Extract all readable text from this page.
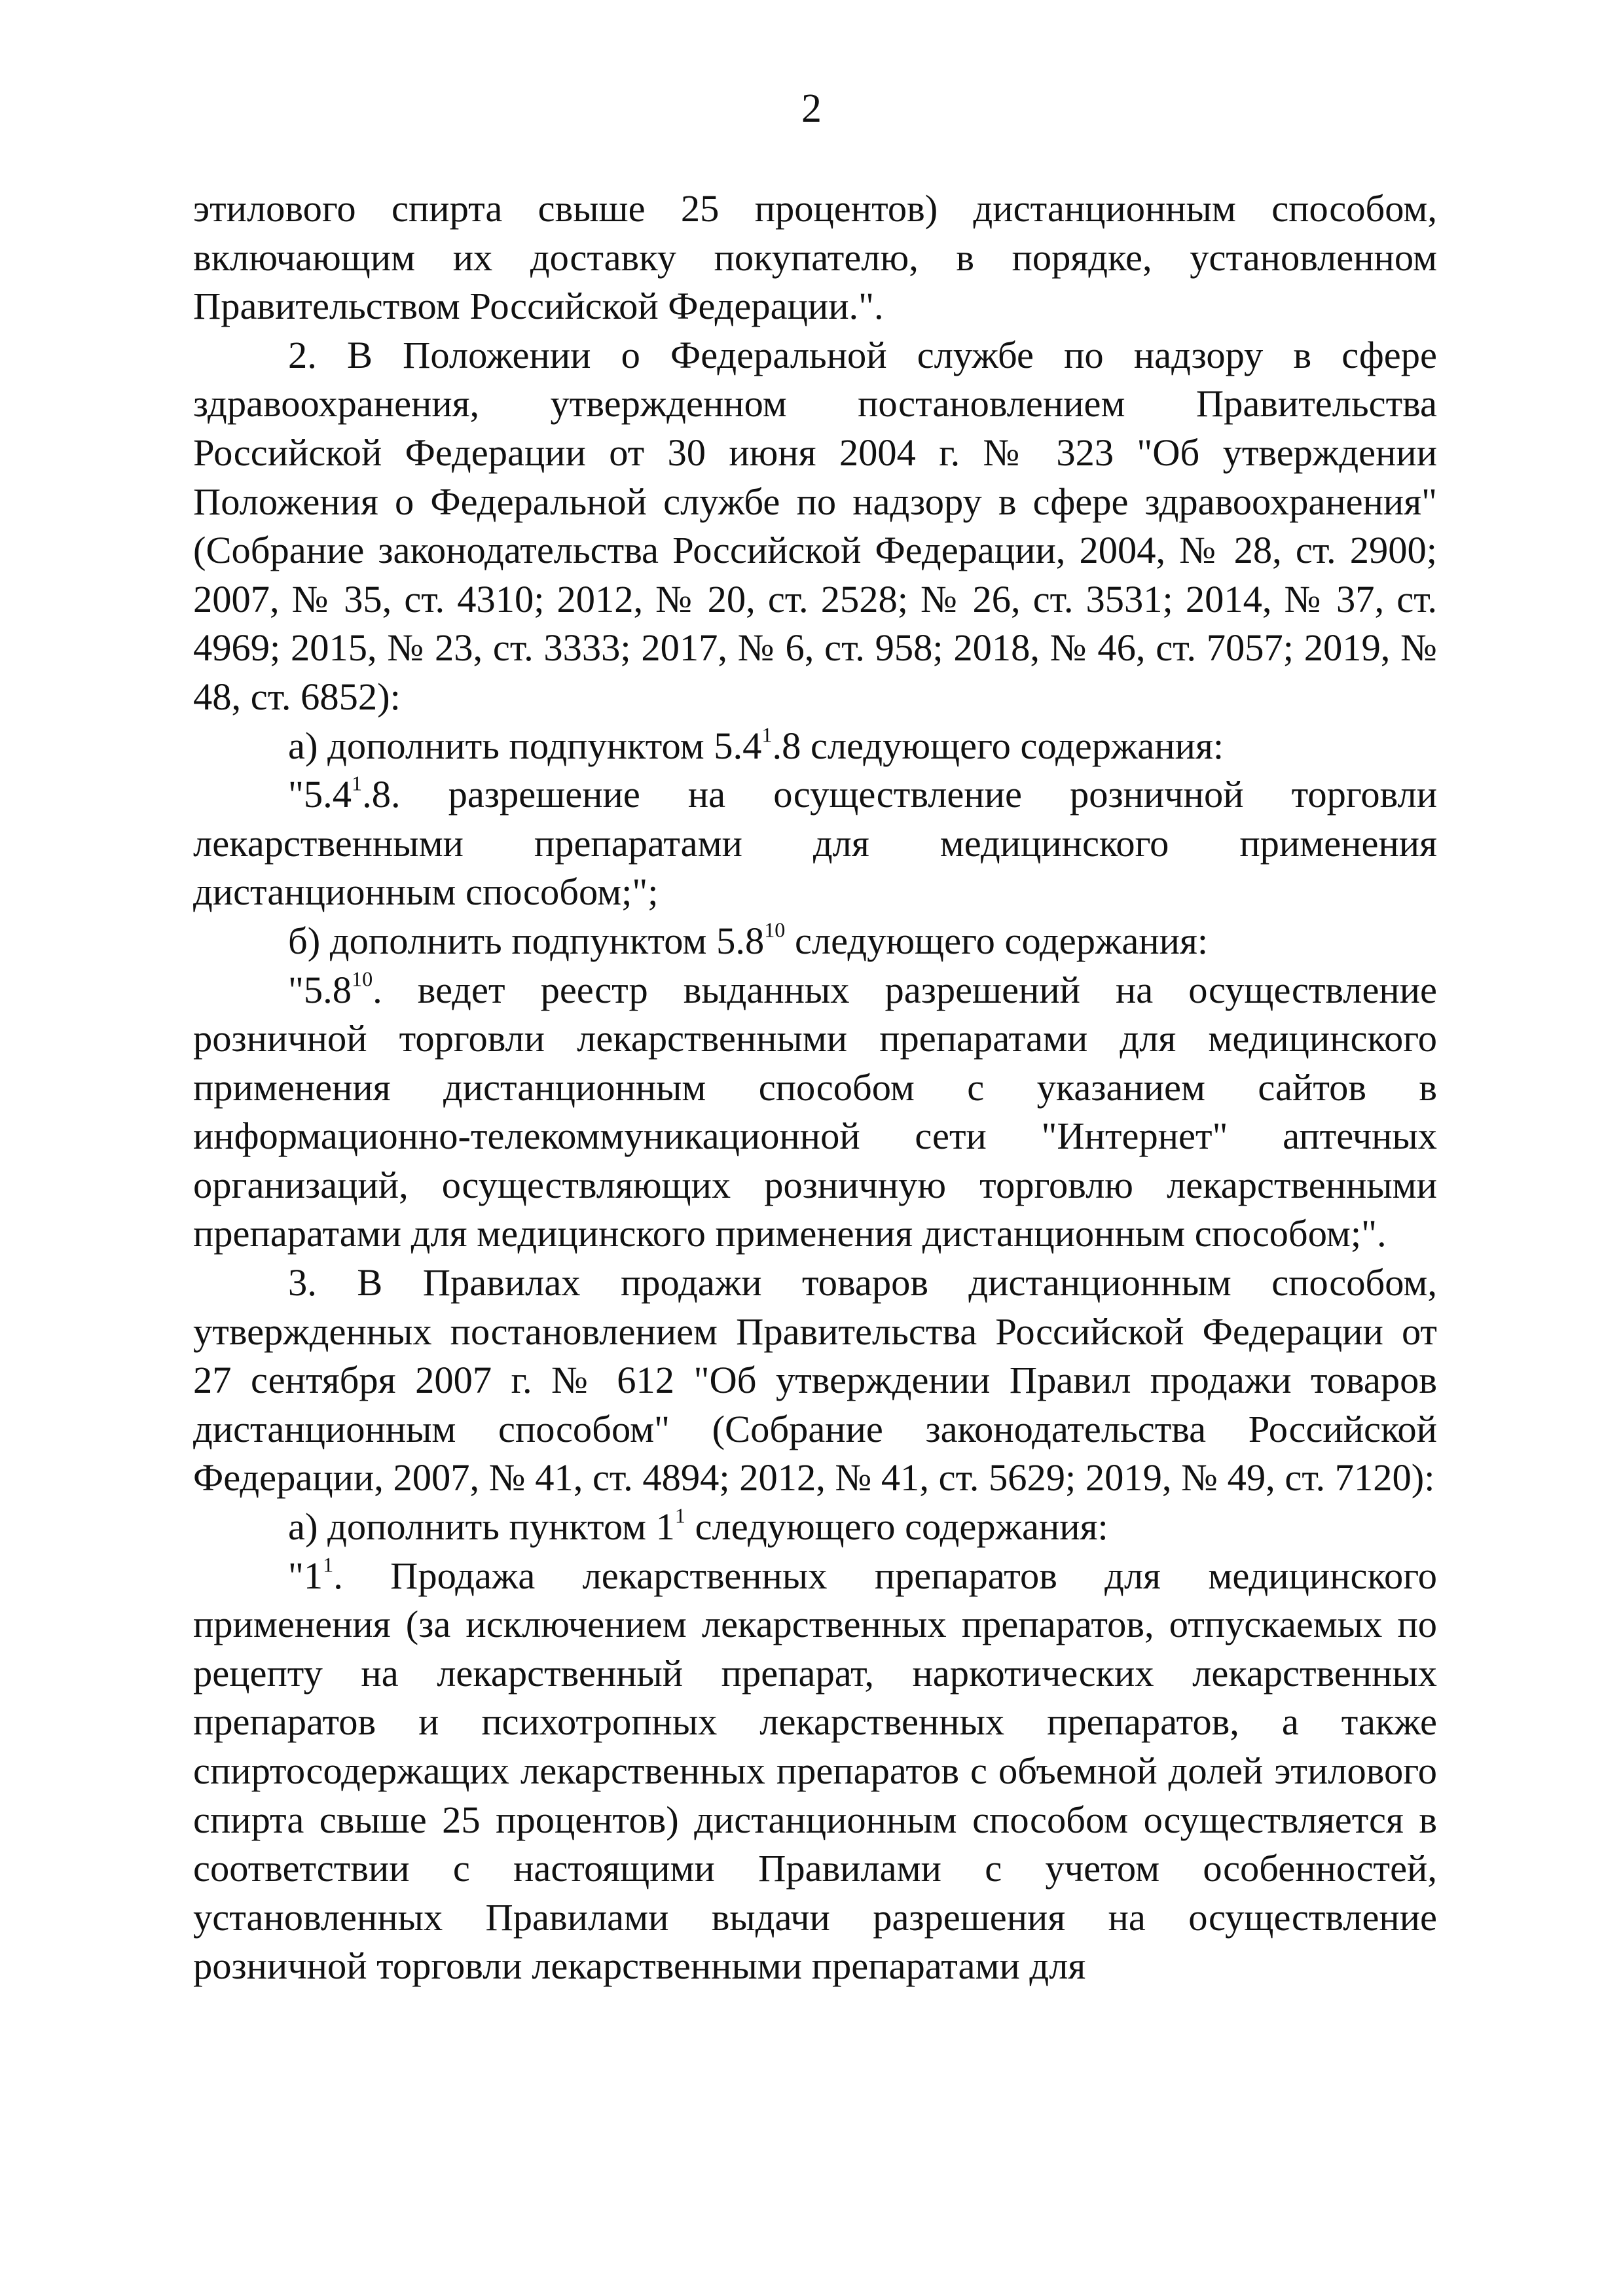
2

этилового спирта свыше 25 процентов) дистанционным способом, включающим их доставку покупателю, в порядке, установленном Правительством Российской Федерации.".

2. В Положении о Федеральной службе по надзору в сфере здравоохранения, утвержденном постановлением Правительства Российской Федерации от 30 июня 2004 г. № 323 "Об утверждении Положения о Федеральной службе по надзору в сфере здравоохранения" (Собрание законодательства Российской Федерации, 2004, № 28, ст. 2900; 2007, № 35, ст. 4310; 2012, № 20, ст. 2528; № 26, ст. 3531; 2014, № 37, ст. 4969; 2015, № 23, ст. 3333; 2017, № 6, ст. 958; 2018, № 46, ст. 7057; 2019, № 48, ст. 6852):

а) дополнить подпунктом $5.4^1.8$ следующего содержания:

"$5.4^1.8$. разрешение на осуществление розничной торговли лекарственными препаратами для медицинского применения дистанционным способом;";

б) дополнить подпунктом $5.8^{10}$ следующего содержания:

"$5.8^{10}$. ведет реестр выданных разрешений на осуществление розничной торговли лекарственными препаратами для медицинского применения дистанционным способом с указанием сайтов в информационно-телекоммуникационной сети "Интернет" аптечных организаций, осуществляющих розничную торговлю лекарственными препаратами для медицинского применения дистанционным способом;".

3. В Правилах продажи товаров дистанционным способом, утвержденных постановлением Правительства Российской Федерации от 27 сентября 2007 г. № 612 "Об утверждении Правил продажи товаров дистанционным способом" (Собрание законодательства Российской Федерации, 2007, № 41, ст. 4894; 2012, № 41, ст. 5629; 2019, № 49, ст. 7120):

а) дополнить пунктом $1^1$ следующего содержания:

"$1^1$. Продажа лекарственных препаратов для медицинского применения (за исключением лекарственных препаратов, отпускаемых по рецепту на лекарственный препарат, наркотических лекарственных препаратов и психотропных лекарственных препаратов, а также спиртосодержащих лекарственных препаратов с объемной долей этилового спирта свыше 25 процентов) дистанционным способом осуществляется в соответствии с настоящими Правилами с учетом особенностей, установленных Правилами выдачи разрешения на осуществление розничной торговли лекарственными препаратами для
